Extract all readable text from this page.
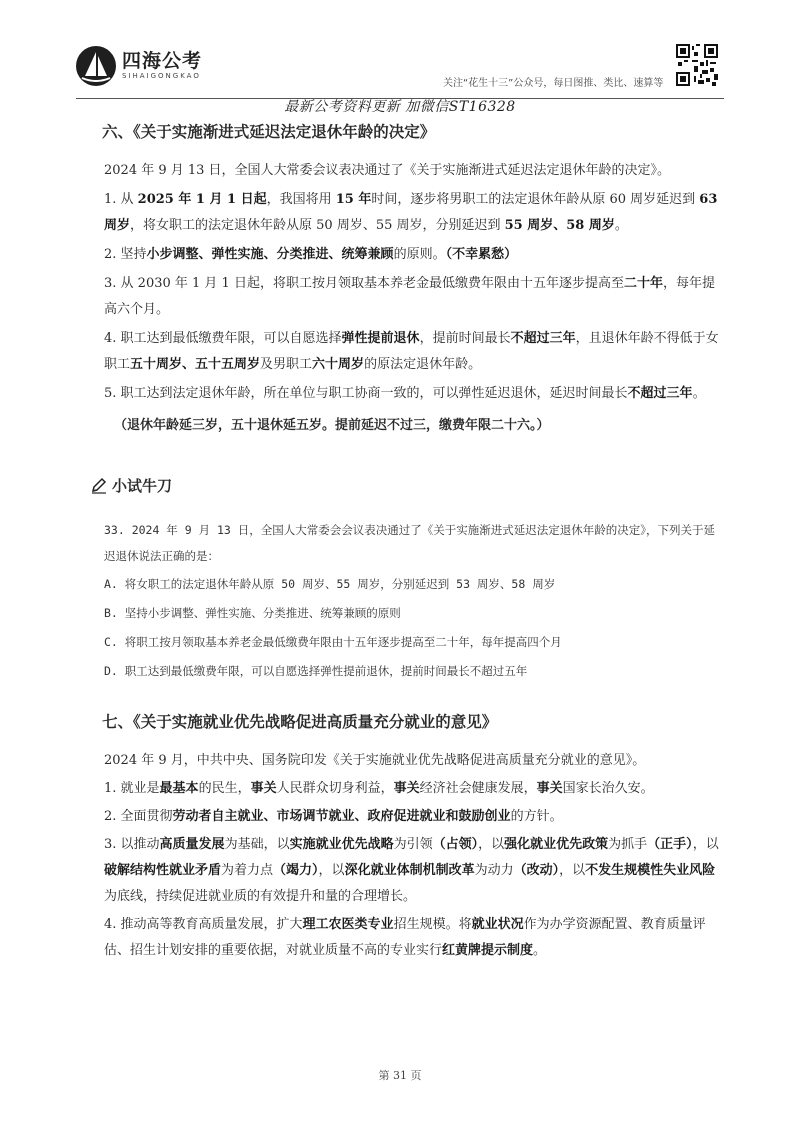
四海公考
SIHAIGONGKAO
关注“花生十三”公众号，每日图推、类比、速算等
最新公考资料更新 加微信ST16328
六、《关于实施渐进式延迟法定退休年龄的决定》

2024 年 9 月 13 日，全国人大常委会议表决通过了《关于实施渐进式延迟法定退休年龄的决定》。

1. 从 2025 年 1 月 1 日起，我国将用 15 年时间，逐步将男职工的法定退休年龄从原 60 周岁延迟到 63 周岁，将女职工的法定退休年龄从原 50 周岁、55 周岁，分别延迟到 55 周岁、58 周岁。

2. 坚持小步调整、弹性实施、分类推进、统筹兼顾的原则。（不幸累愁）

3. 从 2030 年 1 月 1 日起，将职工按月领取基本养老金最低缴费年限由十五年逐步提高至二十年，每年提高六个月。

4. 职工达到最低缴费年限，可以自愿选择弹性提前退休，提前时间最长不超过三年，且退休年龄不得低于女职工五十周岁、五十五周岁及男职工六十周岁的原法定退休年龄。

5. 职工达到法定退休年龄，所在单位与职工协商一致的，可以弹性延迟退休，延迟时间最长不超过三年。

（退休年龄延三岁，五十退休延五岁。提前延迟不过三，缴费年限二十六。）

小试牛刀

33. 2024 年 9 月 13 日，全国人大常委会会议表决通过了《关于实施渐进式延迟法定退休年龄的决定》，下列关于延迟退休说法正确的是：

A. 将女职工的法定退休年龄从原 50 周岁、55 周岁，分别延迟到 53 周岁、58 周岁

B. 坚持小步调整、弹性实施、分类推进、统筹兼顾的原则

C. 将职工按月领取基本养老金最低缴费年限由十五年逐步提高至二十年，每年提高四个月

D. 职工达到最低缴费年限，可以自愿选择弹性提前退休，提前时间最长不超过五年

七、《关于实施就业优先战略促进高质量充分就业的意见》

2024 年 9 月，中共中央、国务院印发《关于实施就业优先战略促进高质量充分就业的意见》。

1. 就业是最基本的民生，事关人民群众切身利益，事关经济社会健康发展，事关国家长治久安。

2. 全面贯彻劳动者自主就业、市场调节就业、政府促进就业和鼓励创业的方针。

3. 以推动高质量发展为基础，以实施就业优先战略为引领（占领），以强化就业优先政策为抓手（正手），以破解结构性就业矛盾为着力点（竭力），以深化就业体制机制改革为动力（改动），以不发生规模性失业风险为底线，持续促进就业质的有效提升和量的合理增长。

4. 推动高等教育高质量发展，扩大理工农医类专业招生规模。将就业状况作为办学资源配置、教育质量评估、招生计划安排的重要依据，对就业质量不高的专业实行红黄牌提示制度。

第 31 页
